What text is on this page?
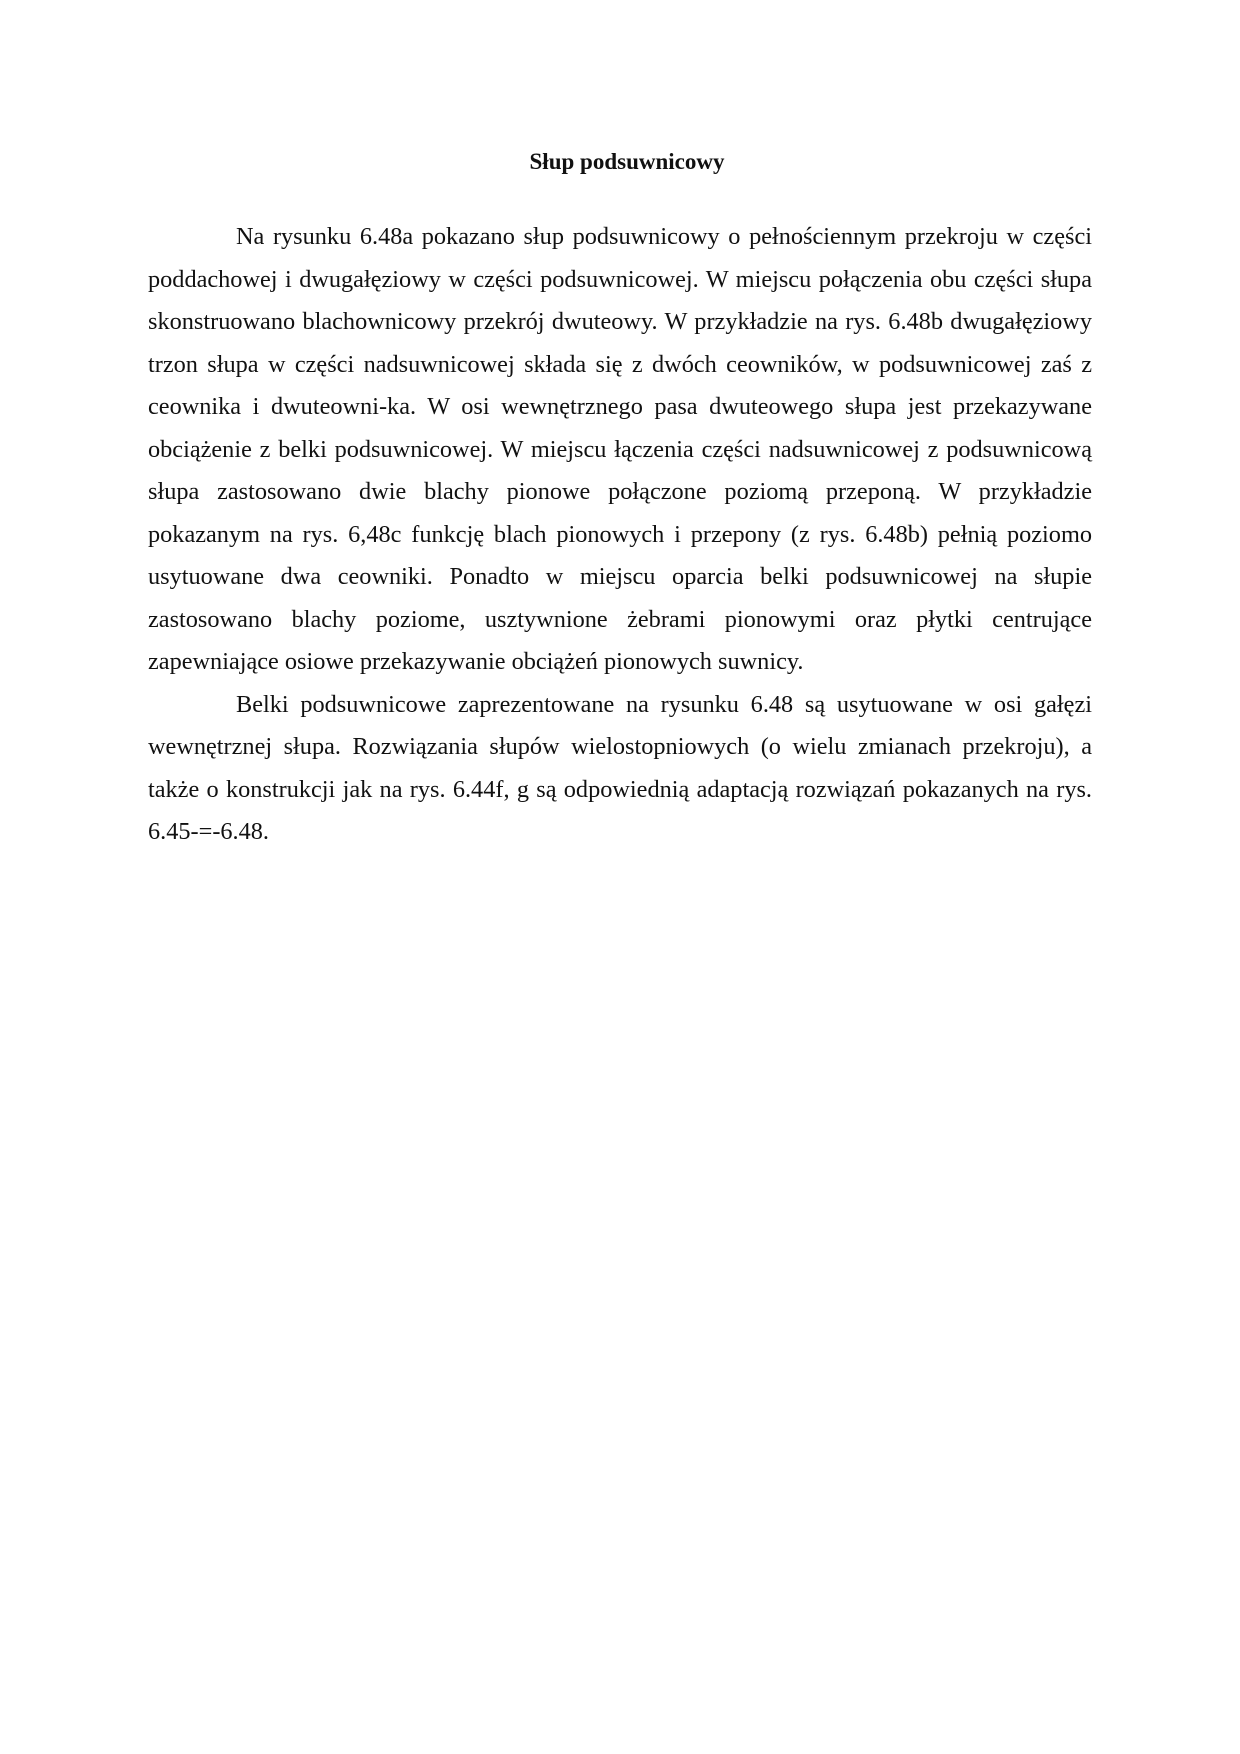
Słup podsuwnicowy

Na rysunku 6.48a pokazano słup podsuwnicowy o pełnościennym przekroju w części poddachowej i dwugałęziowy w części podsuwnicowej. W miejscu połączenia obu części słupa skonstruowano blachownicowy przekrój dwuteowy. W przykładzie na rys. 6.48b dwugałęziowy trzon słupa w części nadsuwnicowej składa się z dwóch ceowników, w podsuwnicowej zaś z ceownika i dwuteowni-ka. W osi wewnętrznego pasa dwuteowego słupa jest przekazywane obciążenie z belki podsuwnicowej. W miejscu łączenia części nadsuwnicowej z podsuwnicową słupa zastosowano dwie blachy pionowe połączone poziomą przeponą. W przykładzie pokazanym na rys. 6,48c funkcję blach pionowych i przepony (z rys. 6.48b) pełnią poziomo usytuowane dwa ceowniki. Ponadto w miejscu oparcia belki podsuwnicowej na słupie zastosowano blachy poziome, usztywnione żebrami pionowymi oraz płytki centrujące zapewniające osiowe przekazywanie obciążeń pionowych suwnicy.

Belki podsuwnicowe zaprezentowane na rysunku 6.48 są usytuowane w osi gałęzi wewnętrznej słupa. Rozwiązania słupów wielostopniowych (o wielu zmianach przekroju), a także o konstrukcji jak na rys. 6.44f, g są odpowiednią adaptacją rozwiązań pokazanych na rys. 6.45-=-6.48.
